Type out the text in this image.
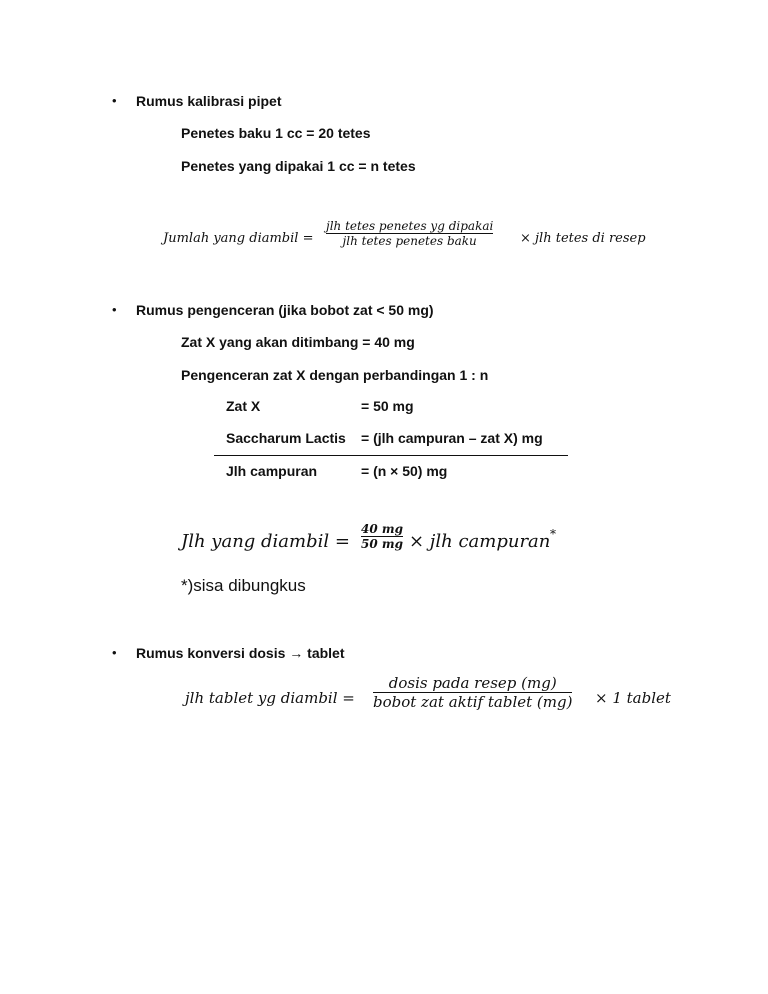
• Rumus kalibrasi pipet
Penetes baku 1 cc = 20 tetes
Penetes yang dipakai 1 cc = n tetes
Jumlah yang diambil =
jlh tetes penetes yg dipakai
jlh tetes penetes baku	× jlh tetes di resep
• Rumus pengenceran (jika bobot zat < 50 mg)
Zat X yang akan ditimbang = 40 mg
Pengenceran zat X dengan perbandingan 1 : n
Zat X	= 50 mg
Saccharum Lactis = (jlh campuran – zat X) mg
Jlh campuran	= (n × 50) mg
Jlh yang diambil =
40 mg
50 mg × jlh campuran *
*)sisa dibungkus
• Rumus konversi dosis → tablet
jlh tablet yg diambil =
dosis pada resep (mg)
bobot zat aktif tablet (mg) × 1 tablet
